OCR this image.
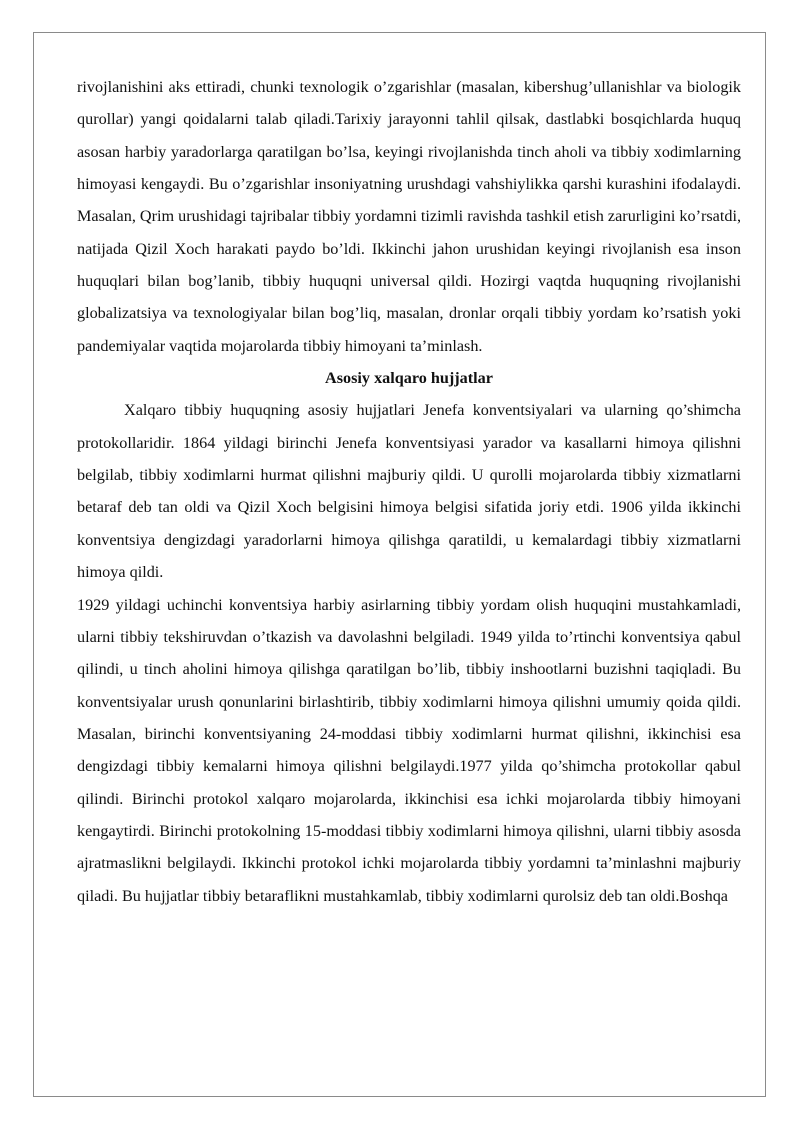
rivojlanishini aks ettiradi, chunki texnologik o’zgarishlar (masalan, kibershug’ullanishlar va biologik qurollar) yangi qoidalarni talab qiladi.Tarixiy jarayonni tahlil qilsak, dastlabki bosqichlarda huquq asosan harbiy yaradorlarga qaratilgan bo’lsa, keyingi rivojlanishda tinch aholi va tibbiy xodimlarning himoyasi kengaydi. Bu o’zgarishlar insoniyatning urushdagi vahshiylikka qarshi kurashini ifodalaydi. Masalan, Qrim urushidagi tajribalar tibbiy yordamni tizimli ravishda tashkil etish zarurligini ko’rsatdi, natijada Qizil Xoch harakati paydo bo’ldi. Ikkinchi jahon urushidan keyingi rivojlanish esa inson huquqlari bilan bog’lanib, tibbiy huquqni universal qildi. Hozirgi vaqtda huquqning rivojlanishi globalizatsiya va texnologiyalar bilan bog’liq, masalan, dronlar orqali tibbiy yordam ko’rsatish yoki pandemiyalar vaqtida mojarolarda tibbiy himoyani ta’minlash.

Asosiy xalqaro hujjatlar

Xalqaro tibbiy huquqning asosiy hujjatlari Jenefa konventsiyalari va ularning qo’shimcha protokollaridir. 1864 yildagi birinchi Jenefa konventsiyasi yarador va kasallarni himoya qilishni belgilab, tibbiy xodimlarni hurmat qilishni majburiy qildi. U qurolli mojarolarda tibbiy xizmatlarni betaraf deb tan oldi va Qizil Xoch belgisini himoya belgisi sifatida joriy etdi. 1906 yilda ikkinchi konventsiya dengizdagi yaradorlarni himoya qilishga qaratildi, u kemalardagi tibbiy xizmatlarni himoya qildi.

1929 yildagi uchinchi konventsiya harbiy asirlarning tibbiy yordam olish huquqini mustahkamladi, ularni tibbiy tekshiruvdan o’tkazish va davolashni belgiladi. 1949 yilda to’rtinchi konventsiya qabul qilindi, u tinch aholini himoya qilishga qaratilgan bo’lib, tibbiy inshootlarni buzishni taqiqladi. Bu konventsiyalar urush qonunlarini birlashtirib, tibbiy xodimlarni himoya qilishni umumiy qoida qildi. Masalan, birinchi konventsiyaning 24-moddasi tibbiy xodimlarni hurmat qilishni, ikkinchisi esa dengizdagi tibbiy kemalarni himoya qilishni belgilaydi.1977 yilda qo’shimcha protokollar qabul qilindi. Birinchi protokol xalqaro mojarolarda, ikkinchisi esa ichki mojarolarda tibbiy himoyani kengaytirdi. Birinchi protokolning 15-moddasi tibbiy xodimlarni himoya qilishni, ularni tibbiy asosda ajratmaslikni belgilaydi. Ikkinchi protokol ichki mojarolarda tibbiy yordamni ta’minlashni majburiy qiladi. Bu hujjatlar tibbiy betaraflikni mustahkamlab, tibbiy xodimlarni qurolsiz deb tan oldi.Boshqa
